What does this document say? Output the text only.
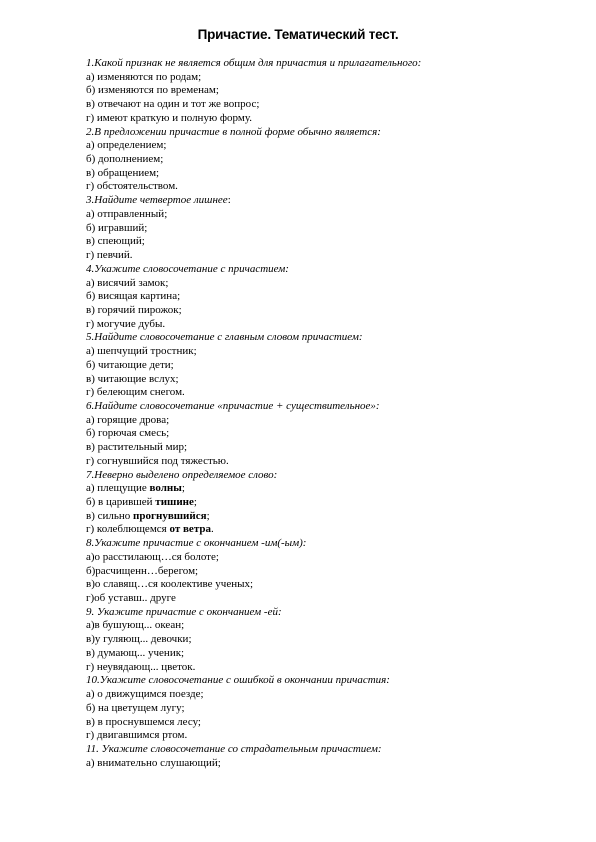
Причастие. Тематический тест.
1.Какой признак не является общим для причастия и прилагательного:
а) изменяются по родам;
б) изменяются по временам;
в) отвечают на один и тот же вопрос;
г) имеют краткую и полную форму.
2.В предложении причастие в полной форме обычно является:
а) определением;
б) дополнением;
в) обращением;
г) обстоятельством.
3.Найдите четвертое лишнее:
а) отправленный;
б) игравший;
в) спеющий;
г) певчий.
4.Укажите словосочетание с причастием:
а) висячий замок;
б) висящая картина;
в) горячий пирожок;
г) могучие дубы.
5.Найдите словосочетание с главным словом причастием:
а) шепчущий тростник;
б) читающие дети;
в) читающие вслух;
г) белеющим снегом.
6.Найдите словосочетание «причастие + существительное»:
а) горящие дрова;
б) горючая смесь;
в) растительный мир;
г) согнувшийся под тяжестью.
7.Неверно выделено определяемое слово:
а) плещущие волны;
б) в царившей тишине;
в) сильно прогнувшийся;
г) колеблющемся от ветра.
8.Укажите причастие с окончанием -им(-ым):
а)о расстилающ…ся болоте;
б)расчищенн…берегом;
в)о славящ…ся коолективе ученых;
г)об уставш.. друге
9. Укажите причастие с окончанием -ей:
а)в бушующ... океан;
в)у гуляющ... девочки;
в) думающ... ученик;
г) неувядающ... цветок.
10.Укажите словосочетание с ошибкой в окончании причастия:
а) о движущимся поезде;
б) на цветущем лугу;
в) в проснувшемся лесу;
г) двигавшимся ртом.
11. Укажите словосочетание со страдательным причастием:
а) внимательно слушающий;
